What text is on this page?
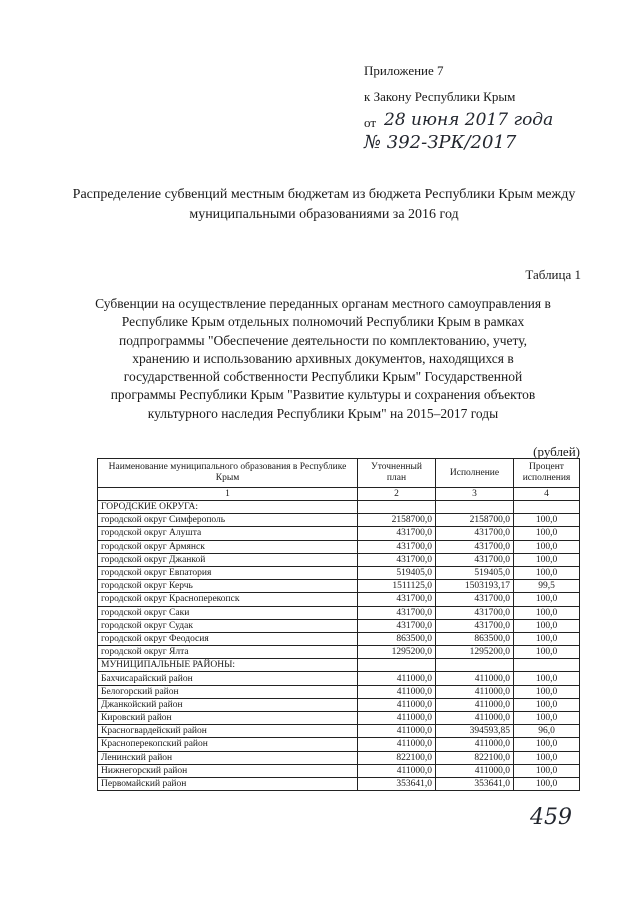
Приложение 7
к Закону Республики Крым
от 28 июня 2017 года
№ 392-ЗРК/2017
Распределение субвенций местным бюджетам из бюджета Республики Крым между муниципальными образованиями за 2016 год
Таблица 1
Субвенции на осуществление переданных органам местного самоуправления в Республике Крым отдельных полномочий Республики Крым в рамках подпрограммы "Обеспечение деятельности по комплектованию, учету, хранению и использованию архивных документов, находящихся в государственной собственности Республики Крым" Государственной программы Республики Крым "Развитие культуры и сохранения объектов культурного наследия Республики Крым" на 2015–2017 годы
(рублей)
Наименование муниципального образования в Республике Крым	Уточненный план	Исполнение	Процент исполнения
1	2	3	4
ГОРОДСКИЕ ОКРУГА:			
городской округ Симферополь	2158700,0	2158700,0	100,0
городской округ Алушта	431700,0	431700,0	100,0
городской округ Армянск	431700,0	431700,0	100,0
городской округ Джанкой	431700,0	431700,0	100,0
городской округ Евпатория	519405,0	519405,0	100,0
городской округ Керчь	1511125,0	1503193,17	99,5
городской округ Красноперекопск	431700,0	431700,0	100,0
городской округ Саки	431700,0	431700,0	100,0
городской округ Судак	431700,0	431700,0	100,0
городской округ Феодосия	863500,0	863500,0	100,0
городской округ Ялта	1295200,0	1295200,0	100,0
МУНИЦИПАЛЬНЫЕ РАЙОНЫ:			
Бахчисарайский район	411000,0	411000,0	100,0
Белогорский район	411000,0	411000,0	100,0
Джанкойский район	411000,0	411000,0	100,0
Кировский район	411000,0	411000,0	100,0
Красногвардейский район	411000,0	394593,85	96,0
Красноперекопский район	411000,0	411000,0	100,0
Ленинский район	822100,0	822100,0	100,0
Нижнегорский район	411000,0	411000,0	100,0
Первомайский район	353641,0	353641,0	100,0
459
